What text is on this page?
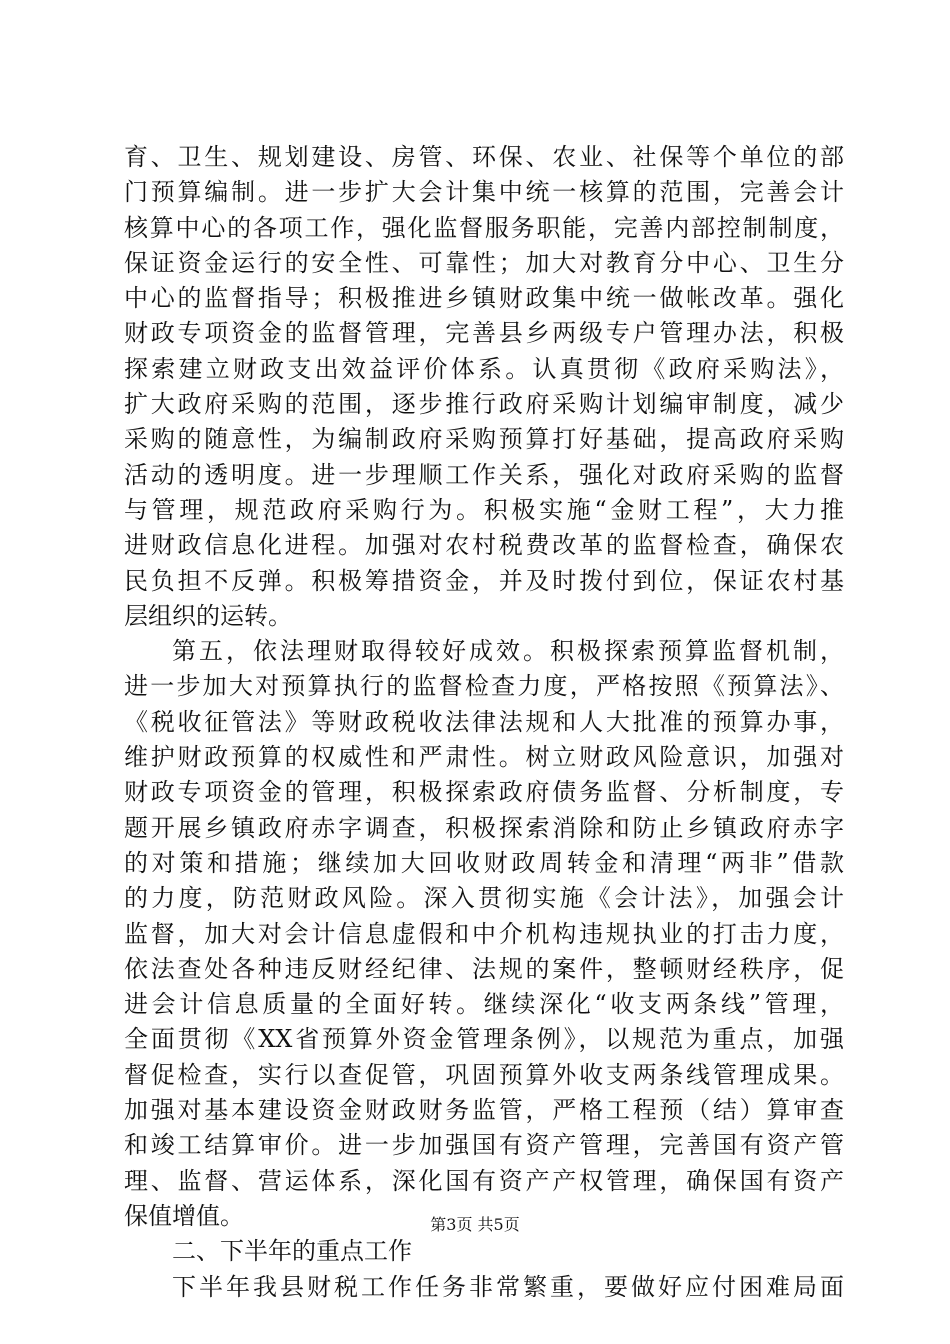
育、卫生、规划建设、房管、环保、农业、社保等个单位的部
门预算编制。进一步扩大会计集中统一核算的范围，完善会计
核算中心的各项工作，强化监督服务职能，完善内部控制制度，
保证资金运行的安全性、可靠性；加大对教育分中心、卫生分
中心的监督指导；积极推进乡镇财政集中统一做帐改革。强化
财政专项资金的监督管理，完善县乡两级专户管理办法，积极
探索建立财政支出效益评价体系。认真贯彻《政府采购法》，
扩大政府采购的范围，逐步推行政府采购计划编审制度，减少
采购的随意性，为编制政府采购预算打好基础，提高政府采购
活动的透明度。进一步理顺工作关系，强化对政府采购的监督
与管理，规范政府采购行为。积极实施“金财工程”，大力推
进财政信息化进程。加强对农村税费改革的监督检查，确保农
民负担不反弹。积极筹措资金，并及时拨付到位，保证农村基
层组织的运转。
第五，依法理财取得较好成效。积极探索预算监督机制，
进一步加大对预算执行的监督检查力度，严格按照《预算法》、
《税收征管法》等财政税收法律法规和人大批准的预算办事，
维护财政预算的权威性和严肃性。树立财政风险意识，加强对
财政专项资金的管理，积极探索政府债务监督、分析制度，专
题开展乡镇政府赤字调查，积极探索消除和防止乡镇政府赤字
的对策和措施；继续加大回收财政周转金和清理“两非”借款
的力度，防范财政风险。深入贯彻实施《会计法》，加强会计
监督，加大对会计信息虚假和中介机构违规执业的打击力度，
依法查处各种违反财经纪律、法规的案件，整顿财经秩序，促
进会计信息质量的全面好转。继续深化“收支两条线”管理，
全面贯彻《XX省预算外资金管理条例》，以规范为重点，加强
督促检查，实行以查促管，巩固预算外收支两条线管理成果。
加强对基本建设资金财政财务监管，严格工程预（结）算审查
和竣工结算审价。进一步加强国有资产管理，完善国有资产管
理、监督、营运体系，深化国有资产产权管理，确保国有资产
保值增值。
二、下半年的重点工作
下半年我县财税工作任务非常繁重，要做好应付困难局面
第3页 共5页
